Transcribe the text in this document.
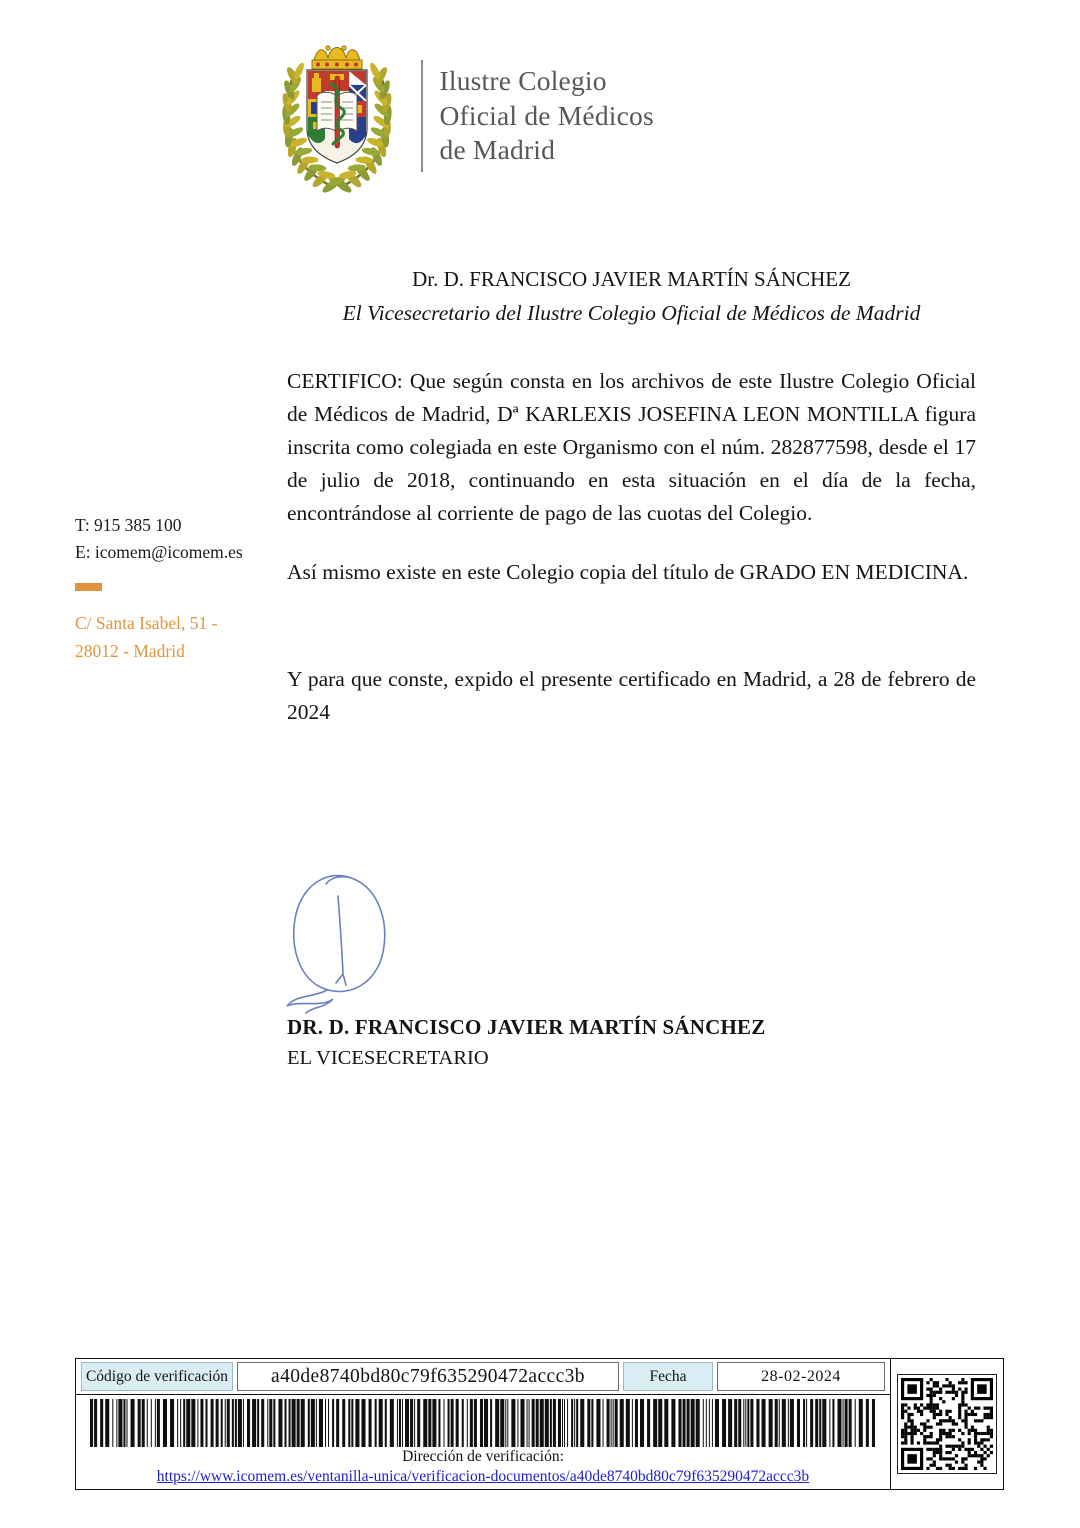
Ilustre Colegio
Oficial de Médicos
de Madrid
T: 915 385 100
E: icomem@icomem.es
C/ Santa Isabel, 51 -
28012 - Madrid
Dr. D. FRANCISCO JAVIER MARTÍN SÁNCHEZ
El Vicesecretario del Ilustre Colegio Oficial de Médicos de Madrid

CERTIFICO: Que según consta en los archivos de este Ilustre Colegio Oficial de Médicos de Madrid, Dª KARLEXIS JOSEFINA LEON MONTILLA figura inscrita como colegiada en este Organismo con el núm. 282877598, desde el 17 de julio de 2018, continuando en esta situación en el día de la fecha, encontrándose al corriente de pago de las cuotas del Colegio.

Así mismo existe en este Colegio copia del título de GRADO EN MEDICINA.

Y para que conste, expido el presente certificado en Madrid, a 28 de febrero de 2024

DR. D. FRANCISCO JAVIER MARTÍN SÁNCHEZ
EL VICESECRETARIO
Código de verificación	a40de8740bd80c79f635290472accc3b	Fecha	28-02-2024
Dirección de verificación:
https://www.icomem.es/ventanilla-unica/verificacion-documentos/a40de8740bd80c79f635290472accc3b
